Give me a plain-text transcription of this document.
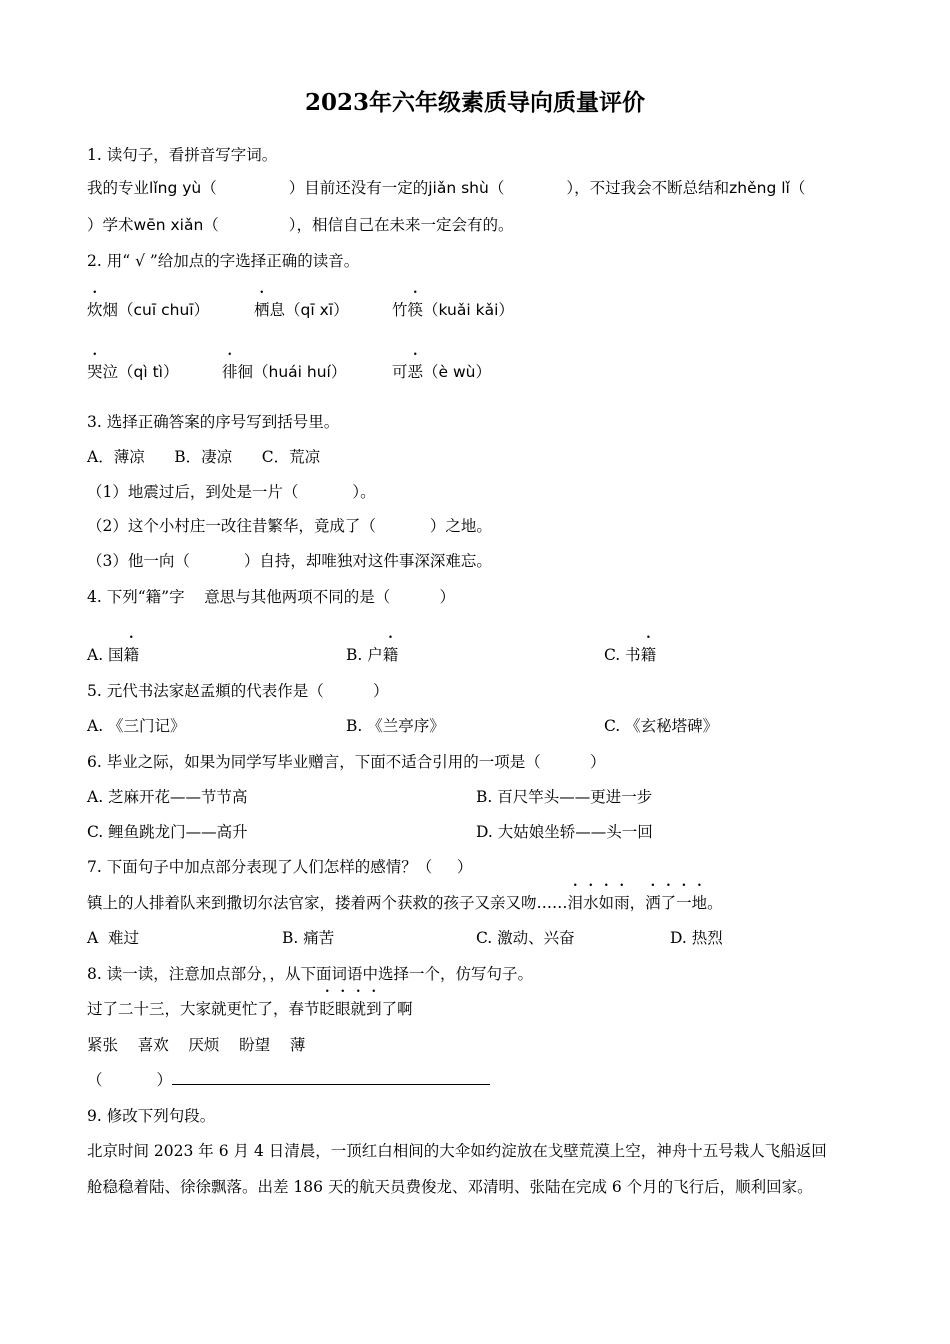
2023年六年级素质导向质量评价
1. 读句子，看拼音写字词。
我的专业lǐng yù（	）目前还没有一定的jiǎn shù（	），不过我会不断总结和zhěng lǐ（
）学术wēn xiǎn（	），相信自己在未来一定会有的。
2. 用“ √ ”给加点的字选择正确的读音。
炊烟（cuī chuī）	栖息（qī xī）	竹筷（kuǎi kǎi）
哭泣（qì tì）	徘徊（huái huí）	可恶（è wù）
3. 选择正确答案的序号写到括号里。
A．薄凉      B．凄凉      C．荒凉
（1）地震过后，到处是一片（	）。
（2）这个小村庄一改往昔繁华，竟成了（	）之地。
（3）他一向（	）自持，却唯独对这件事深深难忘。
4. 下列“籍”字    意思与其他两项不同的是（          ）
A. 国籍	B. 户籍	C. 书籍
5. 元代书法家赵孟頫的代表作是（          ）
A. 《三门记》	B. 《兰亭序》	C. 《玄秘塔碑》
6. 毕业之际，如果为同学写毕业赠言，下面不适合引用的一项是（          ）
A. 芝麻开花——节节高	B. 百尺竿头——更进一步
C. 鲤鱼跳龙门——高升	D. 大姑娘坐轿——头一回
7. 下面句子中加点部分表现了人们怎样的感情？（     ）
镇上的人排着队来到撒切尔法官家，搂着两个获救的孩子又亲又吻……泪水如雨，洒了一地。
A  难过	B. 痛苦	C. 激动、兴奋	D. 热烈
8. 读一读，注意加点部分，，从下面词语中选择一个，仿写句子。
过了二十三，大家就更忙了，春节眨眼就到了啊
紧张    喜欢    厌烦    盼望    薄
（	）
9. 修改下列句段。
北京时间 2023 年 6 月 4 日清晨，一顶红白相间的大伞如约淀放在戈壁荒漠上空，神舟十五号栽人飞船返回
舱稳稳着陆、徐徐飘落。出差 186 天的航天员费俊龙、邓清明、张陆在完成 6 个月的飞行后，顺利回家。
